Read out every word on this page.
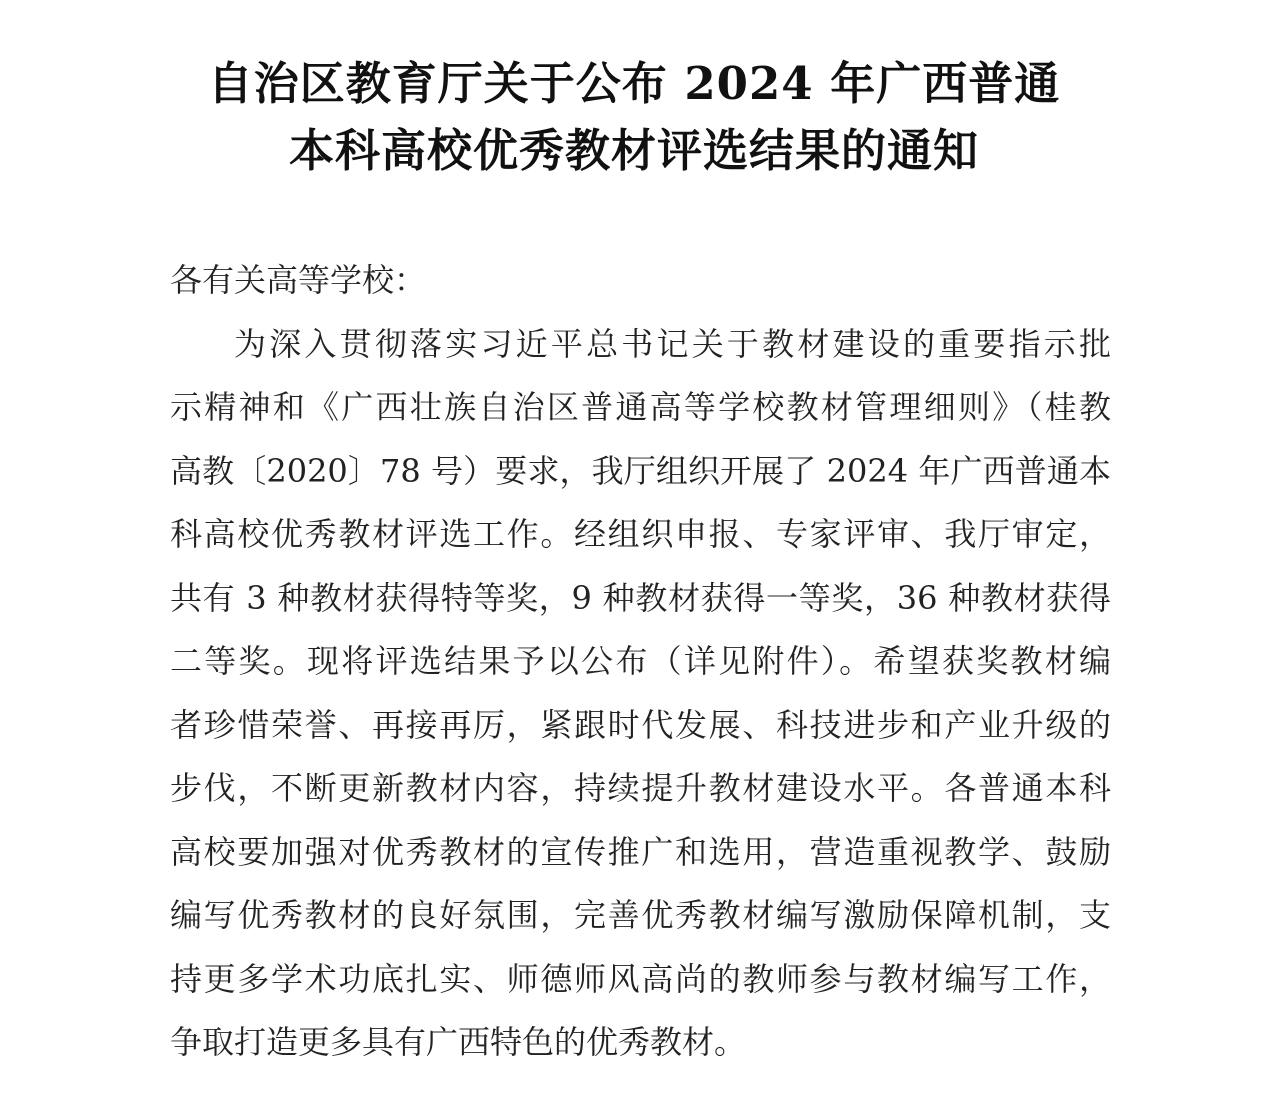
自治区教育厅关于公布 2024 年广西普通
本科高校优秀教材评选结果的通知

各有关高等学校：

为深入贯彻落实习近平总书记关于教材建设的重要指示批
示精神和《广西壮族自治区普通高等学校教材管理细则》（桂教
高教〔2020〕78 号）要求，我厅组织开展了 2024 年广西普通本
科高校优秀教材评选工作。经组织申报、专家评审、我厅审定，
共有 3 种教材获得特等奖，9 种教材获得一等奖，36 种教材获得
二等奖。现将评选结果予以公布（详见附件）。希望获奖教材编
者珍惜荣誉、再接再厉，紧跟时代发展、科技进步和产业升级的
步伐，不断更新教材内容，持续提升教材建设水平。各普通本科
高校要加强对优秀教材的宣传推广和选用，营造重视教学、鼓励
编写优秀教材的良好氛围，完善优秀教材编写激励保障机制，支
持更多学术功底扎实、师德师风高尚的教师参与教材编写工作，
争取打造更多具有广西特色的优秀教材。
